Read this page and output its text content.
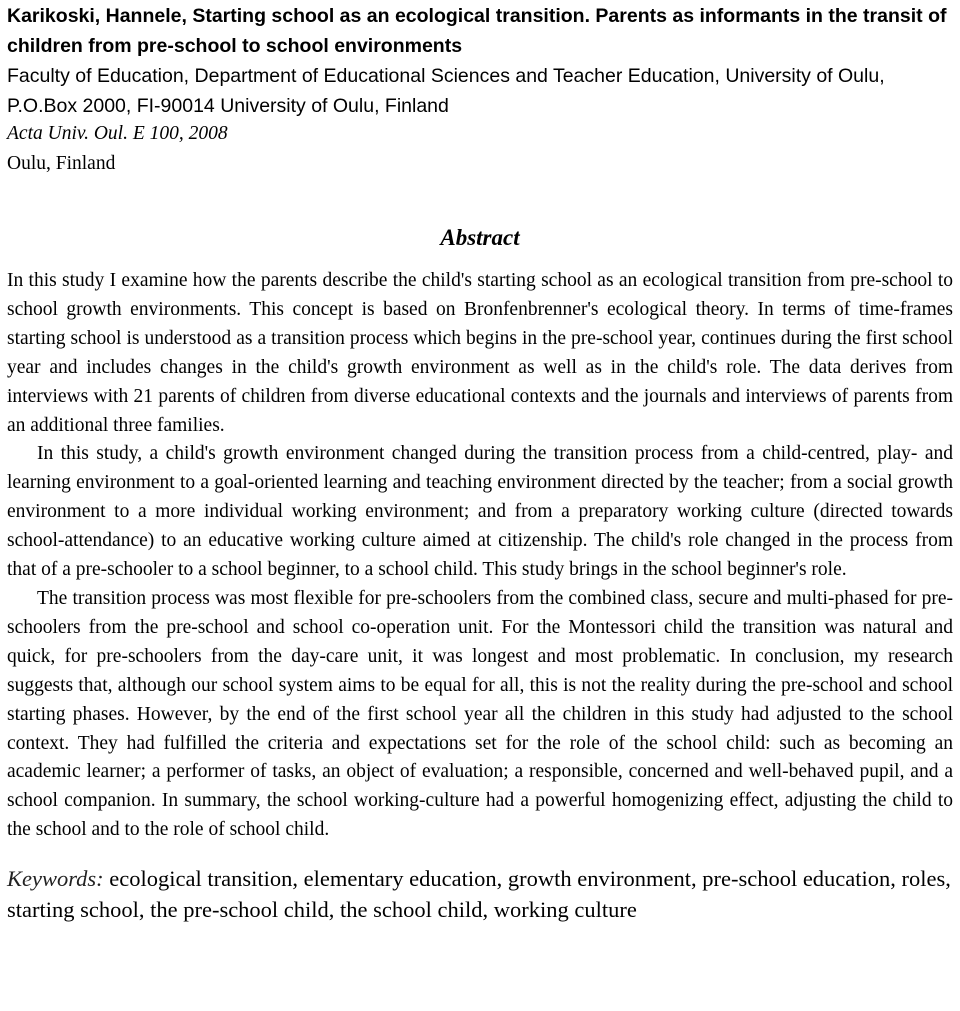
Karikoski, Hannele, Starting school as an ecological transition. Parents as informants in the transit of children from pre-school to school environments
Faculty of Education, Department of Educational Sciences and Teacher Education, University of Oulu, P.O.Box 2000, FI-90014 University of Oulu, Finland
Acta Univ. Oul. E 100, 2008
Oulu, Finland
Abstract

In this study I examine how the parents describe the child's starting school as an ecological transition from pre-school to school growth environments. This concept is based on Bronfenbrenner's ecological theory. In terms of time-frames starting school is understood as a transition process which begins in the pre-school year, continues during the first school year and includes changes in the child's growth environment as well as in the child's role. The data derives from interviews with 21 parents of children from diverse educational contexts and the journals and interviews of parents from an additional three families.

In this study, a child's growth environment changed during the transition process from a child-centred, play- and learning environment to a goal-oriented learning and teaching environment directed by the teacher; from a social growth environment to a more individual working environment; and from a preparatory working culture (directed towards school-attendance) to an educative working culture aimed at citizenship. The child's role changed in the process from that of a pre-schooler to a school beginner, to a school child. This study brings in the school beginner's role.

The transition process was most flexible for pre-schoolers from the combined class, secure and multi-phased for pre-schoolers from the pre-school and school co-operation unit. For the Montessori child the transition was natural and quick, for pre-schoolers from the day-care unit, it was longest and most problematic. In conclusion, my research suggests that, although our school system aims to be equal for all, this is not the reality during the pre-school and school starting phases. However, by the end of the first school year all the children in this study had adjusted to the school context. They had fulfilled the criteria and expectations set for the role of the school child: such as becoming an academic learner; a performer of tasks, an object of evaluation; a responsible, concerned and well-behaved pupil, and a school companion. In summary, the school working-culture had a powerful homogenizing effect, adjusting the child to the school and to the role of school child.

Keywords: ecological transition, elementary education, growth environment, pre-school education, roles, starting school, the pre-school child, the school child, working culture
